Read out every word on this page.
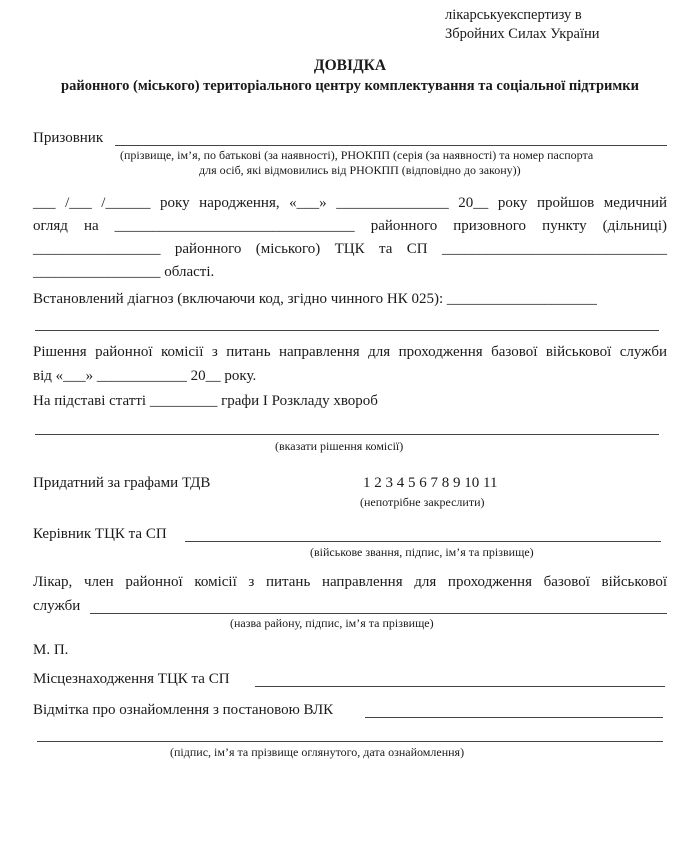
лікарськуекспертизу в
Збройних Силах України
ДОВІДКА
районного (міського) територіального центру комплектування та соціальної підтримки
Призовник
(прізвище, ім’я, по батькові (за наявності), РНОКПП (серія (за наявності) та номер паспорта
для осіб, які відмовились від РНОКПП (відповідно до закону))
___ /___ /______ року народження, «___» _______________ 20__ року пройшов медичний
огляд на ________________________________ районного призовного пункту (дільниці)
_________________ районного (міського) ТЦК та СП ______________________________
_________________ області.
Встановлений діагноз (включаючи код, згідно чинного НК 025): ____________________
Рішення районної комісії з питань направлення для проходження базової військової служби
від «___» ____________ 20__ року.
На підставі статті _________ графи І Розкладу хвороб
(вказати рішення комісії)
Придатний за графами ТДВ	1 2 3 4 5 6 7 8 9 10 11
(непотрібне закреслити)
Керівник ТЦК та СП
(військове звання, підпис, ім’я та прізвище)
Лікар, член районної комісії з питань направлення для проходження базової військової
служби
(назва району, підпис, ім’я та прізвище)
М. П.
Місцезнаходження ТЦК та СП
Відмітка про ознайомлення з постановою ВЛК
(підпис, ім’я та прізвище оглянутого, дата ознайомлення)
